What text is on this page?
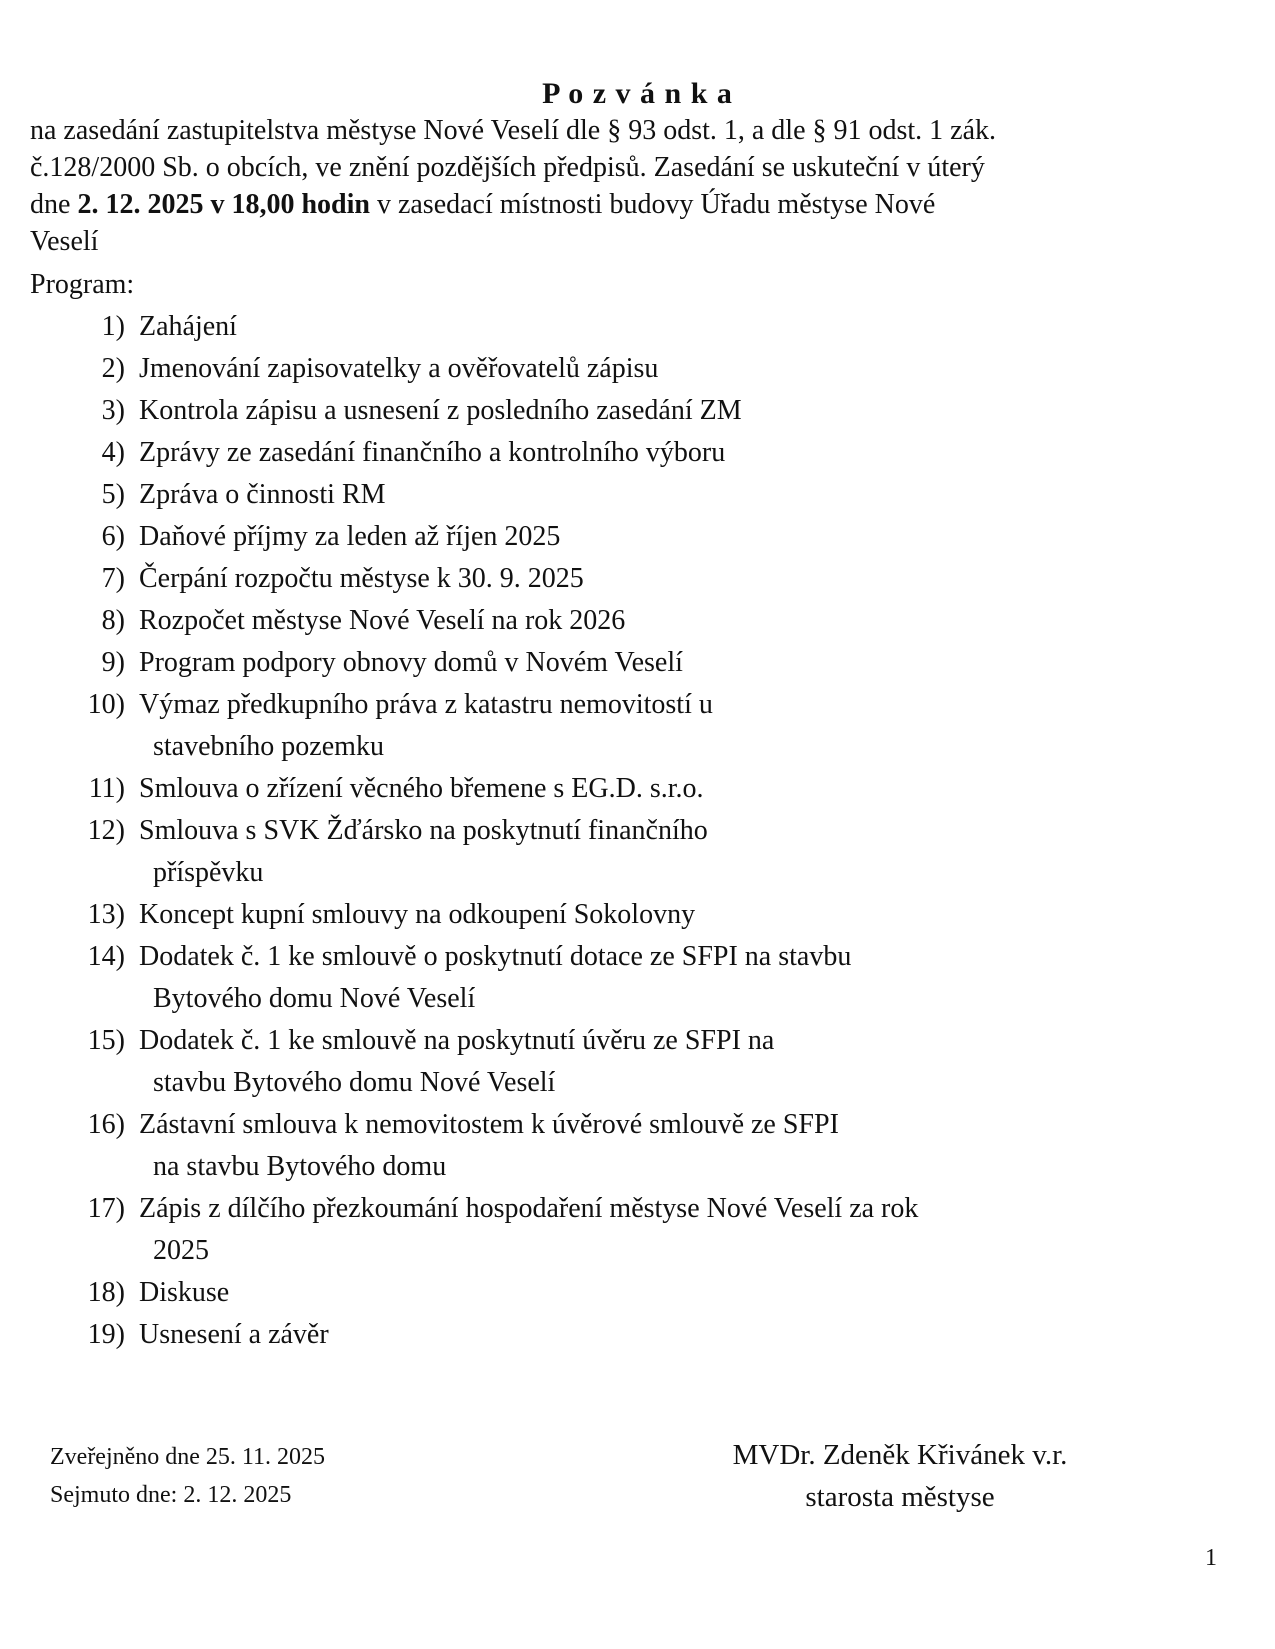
P o z v á n k a
na zasedání zastupitelstva městyse Nové Veselí dle § 93 odst. 1, a dle § 91 odst. 1 zák.
č.128/2000 Sb. o obcích, ve znění pozdějších předpisů. Zasedání se uskuteční v úterý
dne 2. 12. 2025 v 18,00 hodin v zasedací místnosti budovy Úřadu městyse Nové
Veselí
Program:
1) Zahájení
2) Jmenování zapisovatelky a ověřovatelů zápisu
3) Kontrola zápisu a usnesení z posledního zasedání ZM
4) Zprávy ze zasedání finančního a kontrolního výboru
5) Zpráva o činnosti RM
6) Daňové příjmy za leden až říjen 2025
7) Čerpání rozpočtu městyse k 30. 9. 2025
8) Rozpočet městyse Nové Veselí na rok 2026
9) Program podpory obnovy domů v Novém Veselí
10) Výmaz předkupního práva z katastru nemovitostí u
stavebního pozemku
11) Smlouva o zřízení věcného břemene s EG.D. s.r.o.
12) Smlouva s SVK Žďársko na poskytnutí finančního
příspěvku
13) Koncept kupní smlouvy na odkoupení Sokolovny
14) Dodatek č. 1 ke smlouvě o poskytnutí dotace ze SFPI na stavbu
Bytového domu Nové Veselí
15) Dodatek č. 1 ke smlouvě na poskytnutí úvěru ze SFPI na
stavbu Bytového domu Nové Veselí
16) Zástavní smlouva k nemovitostem k úvěrové smlouvě ze SFPI
na stavbu Bytového domu
17) Zápis z dílčího přezkoumání hospodaření městyse Nové Veselí za rok
2025
18) Diskuse
19) Usnesení a závěr
Zveřejněno dne 25. 11. 2025
Sejmuto dne: 2. 12. 2025
MVDr. Zdeněk Křivánek v.r.
starosta městyse
1
